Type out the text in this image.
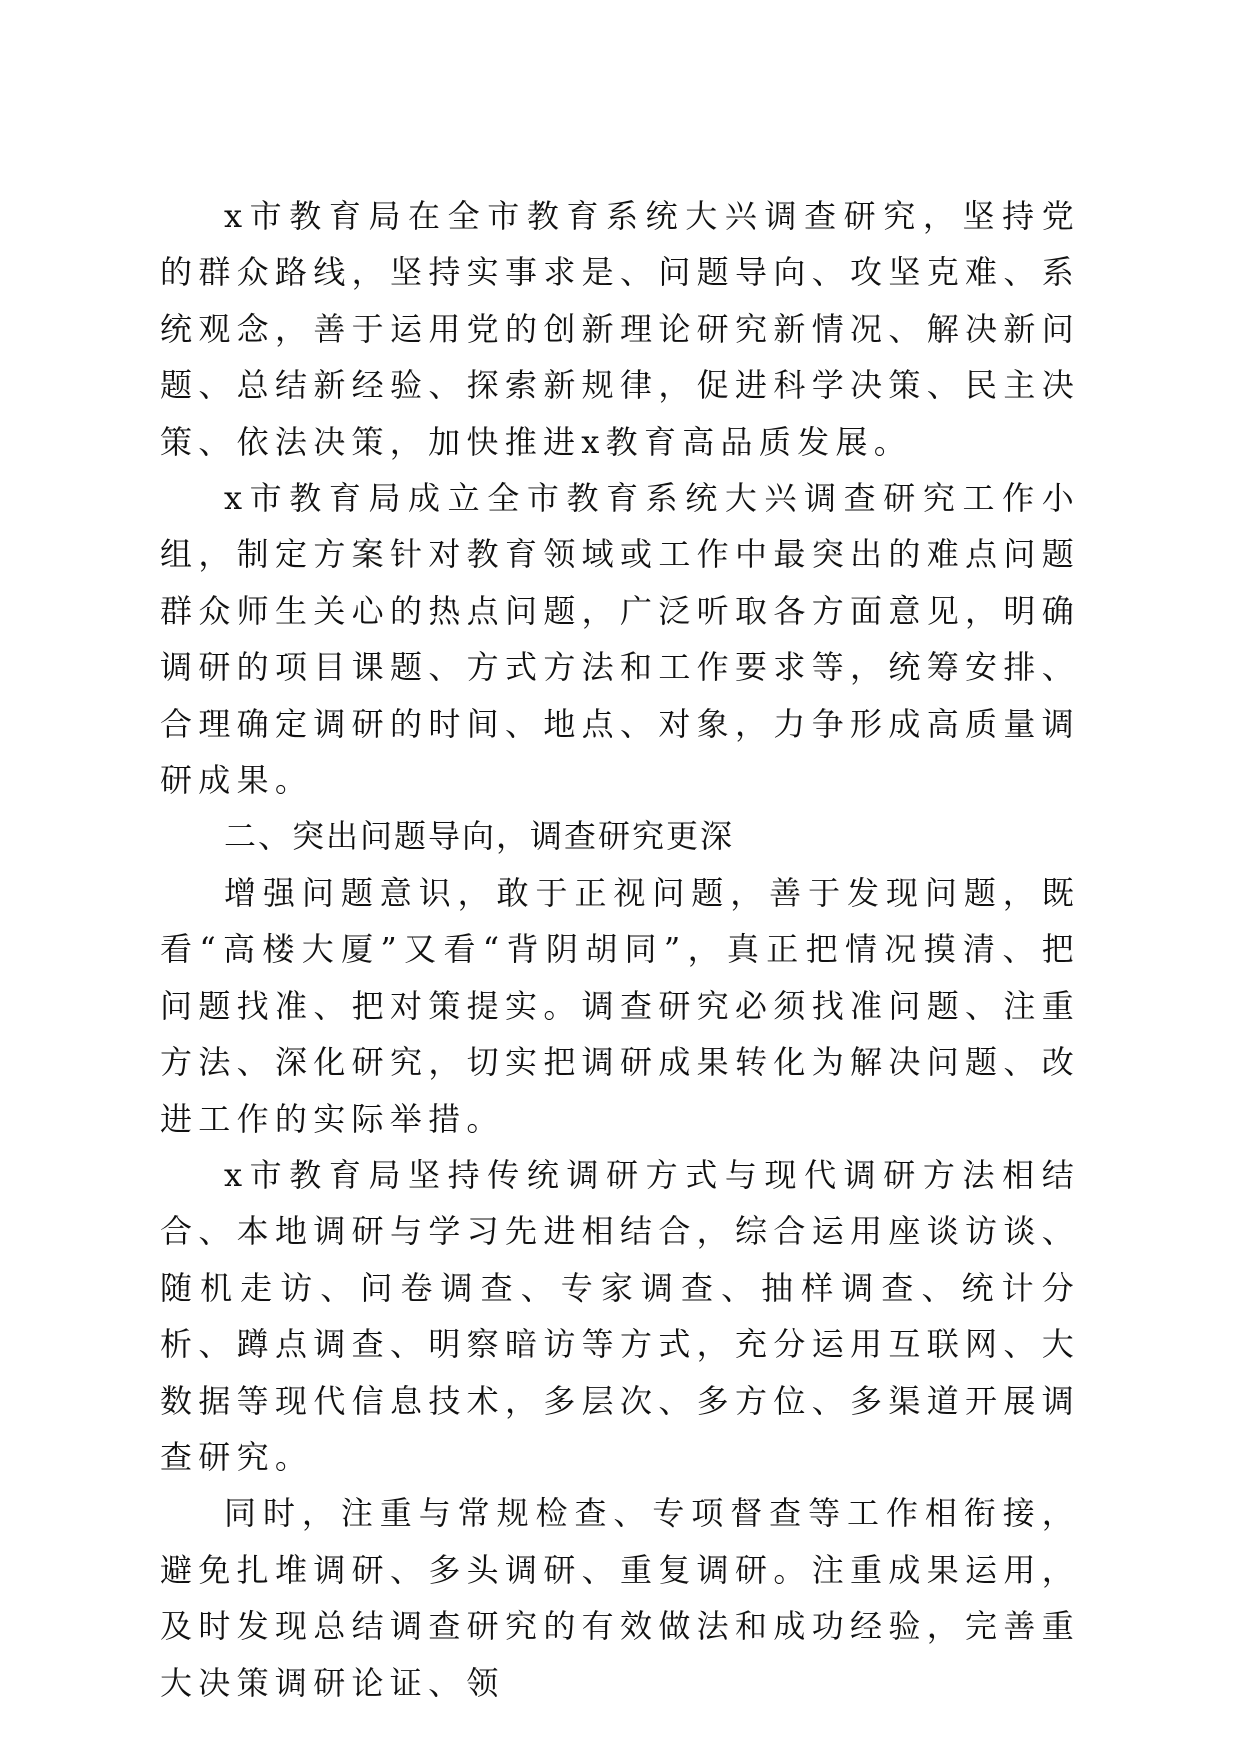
x市教育局在全市教育系统大兴调查研究，坚持党的群众路线，坚持实事求是、问题导向、攻坚克难、系统观念，善于运用党的创新理论研究新情况、解决新问题、总结新经验、探索新规律，促进科学决策、民主决策、依法决策，加快推进x教育高品质发展。

x市教育局成立全市教育系统大兴调查研究工作小组，制定方案针对教育领域或工作中最突出的难点问题群众师生关心的热点问题，广泛听取各方面意见，明确调研的项目课题、方式方法和工作要求等，统筹安排、合理确定调研的时间、地点、对象，力争形成高质量调研成果。

二、突出问题导向，调查研究更深

增强问题意识，敢于正视问题，善于发现问题，既看“高楼大厦”又看“背阴胡同”，真正把情况摸清、把问题找准、把对策提实。调查研究必须找准问题、注重方法、深化研究，切实把调研成果转化为解决问题、改进工作的实际举措。

x市教育局坚持传统调研方式与现代调研方法相结合、本地调研与学习先进相结合，综合运用座谈访谈、随机走访、问卷调查、专家调查、抽样调查、统计分析、蹲点调查、明察暗访等方式，充分运用互联网、大数据等现代信息技术，多层次、多方位、多渠道开展调查研究。

同时，注重与常规检查、专项督查等工作相衔接，避免扎堆调研、多头调研、重复调研。注重成果运用，及时发现总结调查研究的有效做法和成功经验，完善重大决策调研论证、领
